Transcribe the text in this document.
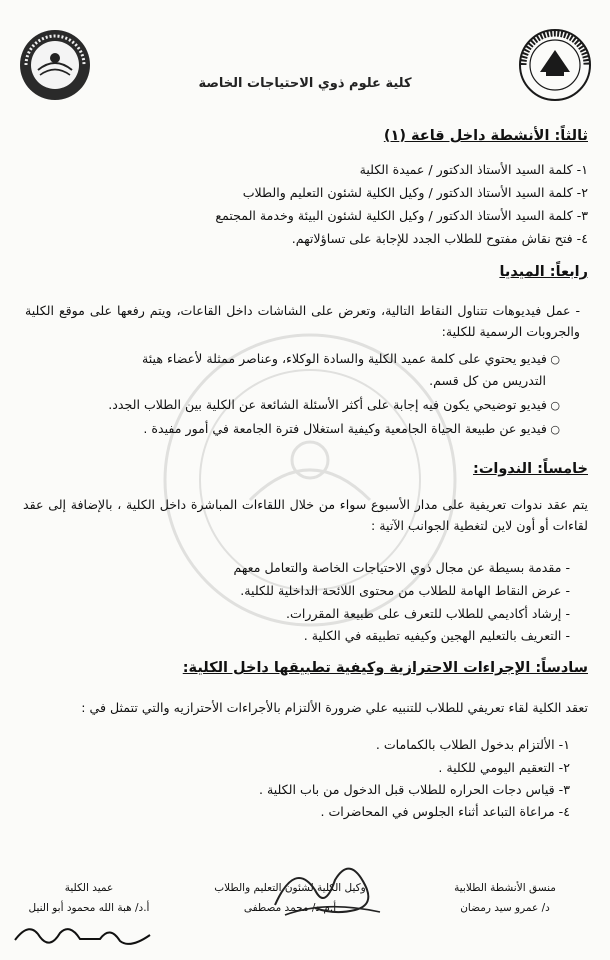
كلية علوم ذوي الاحتياجات الخاصة
ثالثاً: الأنشطة داخل قاعة (١)
١- كلمة السيد الأستاذ الدكتور / عميدة الكلية
٢- كلمة السيد الأستاذ الدكتور / وكيل الكلية لشئون التعليم والطلاب
٣- كلمة السيد الأستاذ الدكتور / وكيل الكلية لشئون البيئة وخدمة المجتمع
٤- فتح نقاش مفتوح للطلاب الجدد للإجابة على تساؤلاتهم.
رابعاً: الميديا
- عمل فيديوهات تتناول النقاط التالية، وتعرض على الشاشات داخل القاعات، ويتم رفعها على موقع الكلية والجروبات الرسمية للكلية:
○ فيديو يحتوي على كلمة عميد الكلية والسادة الوكلاء، وعناصر ممثلة لأعضاء هيئة
التدريس من كل قسم.
○ فيديو توضيحي يكون فيه إجابة على أكثر الأسئلة الشائعة عن الكلية بين الطلاب الجدد.
○ فيديو عن طبيعة الحياة الجامعية وكيفية استغلال فترة الجامعة في أمور مفيدة .
خامساً: الندوات:
يتم عقد ندوات تعريفية على مدار الأسبوع سواء من خلال اللقاءات المباشرة داخل الكلية ، بالإضافة إلى عقد لقاءات أو أون لاين لتغطية الجوانب الآتية :
- مقدمة بسيطة عن مجال ذوي الاحتياجات الخاصة والتعامل معهم
- عرض النقاط الهامة للطلاب من محتوى اللائحة الداخلية للكلية.
- إرشاد أكاديمي للطلاب للتعرف على طبيعة المقررات.
- التعريف بالتعليم الهجين وكيفيه تطبيقه في الكلية .
سادساً: الإجراءات الاحترازية وكيفية تطبيقها داخل الكلية:
تعقد الكلية لقاء تعريفي للطلاب للتنبيه علي ضرورة الألتزام بالأجراءات الأحترازيه والتي تتمثل في :
١- الألتزام بدخول الطلاب بالكمامات .
٢- التعقيم اليومي للكلية .
٣- قياس دجات الحراره للطلاب قبل الدخول من باب الكلية .
٤- مراعاة التباعد أثناء الجلوس في المحاضرات .
منسق الأنشطة الطلابية
د/ عمرو سيد رمضان
وكيل الكلية لشئون التعليم والطلاب
أ.م.د/ محمد مصطفى
عميد الكلية
أ.د/ هبة الله محمود أبو النيل
